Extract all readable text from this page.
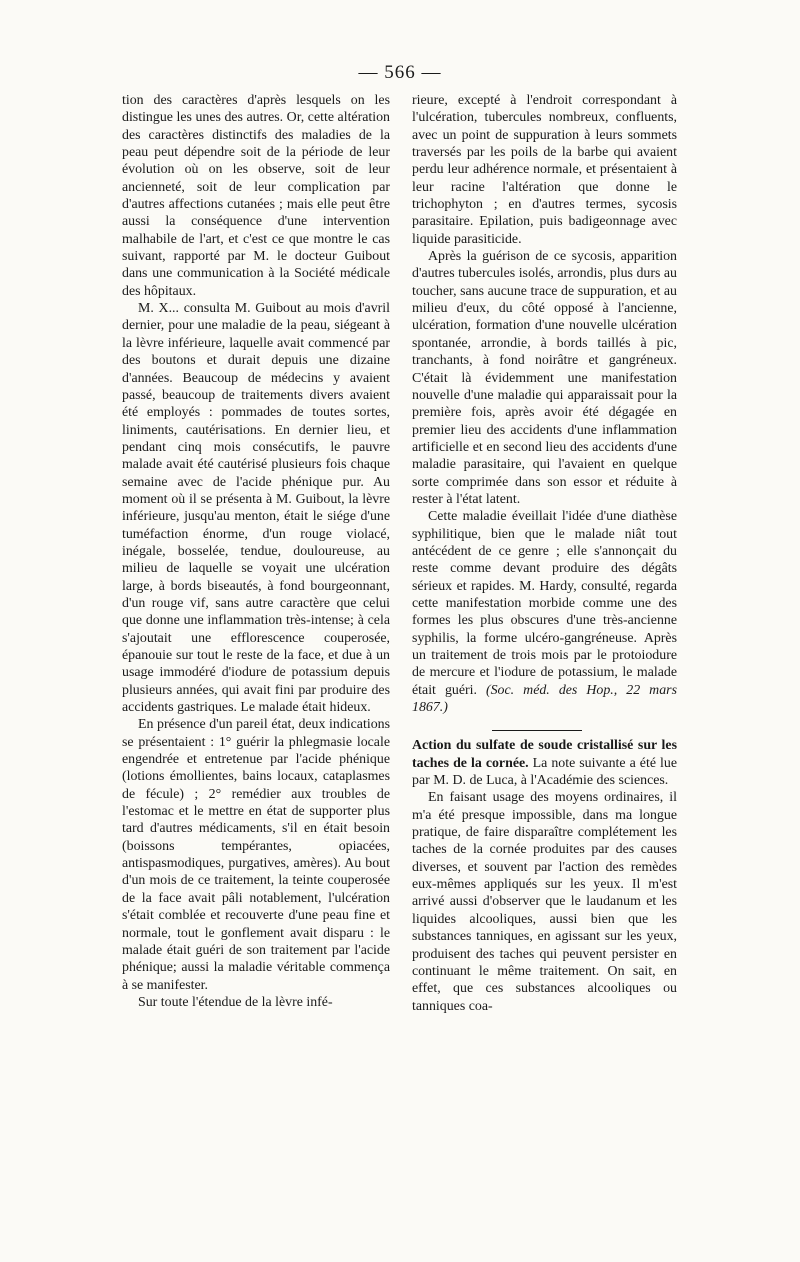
— 566 —

tion des caractères d'après lesquels on les distingue les unes des autres. Or, cette altération des caractères distinctifs des maladies de la peau peut dépendre soit de la période de leur évolution où on les observe, soit de leur ancienneté, soit de leur complication par d'autres affections cutanées ; mais elle peut être aussi la conséquence d'une intervention malhabile de l'art, et c'est ce que montre le cas suivant, rapporté par M. le docteur Guibout dans une communication à la Société médicale des hôpitaux.

M. X... consulta M. Guibout au mois d'avril dernier, pour une maladie de la peau, siégeant à la lèvre inférieure, laquelle avait commencé par des boutons et durait depuis une dizaine d'années. Beaucoup de médecins y avaient passé, beaucoup de traitements divers avaient été employés : pommades de toutes sortes, liniments, cautérisations. En dernier lieu, et pendant cinq mois consécutifs, le pauvre malade avait été cautérisé plusieurs fois chaque semaine avec de l'acide phénique pur. Au moment où il se présenta à M. Guibout, la lèvre inférieure, jusqu'au menton, était le siége d'une tuméfaction énorme, d'un rouge violacé, inégale, bosselée, tendue, douloureuse, au milieu de laquelle se voyait une ulcération large, à bords biseautés, à fond bourgeonnant, d'un rouge vif, sans autre caractère que celui que donne une inflammation très-intense; à cela s'ajoutait une efflorescence couperosée, épanouie sur tout le reste de la face, et due à un usage immodéré d'iodure de potassium depuis plusieurs années, qui avait fini par produire des accidents gastriques. Le malade était hideux.

En présence d'un pareil état, deux indications se présentaient : 1° guérir la phlegmasie locale engendrée et entretenue par l'acide phénique (lotions émollientes, bains locaux, cataplasmes de fécule) ; 2° remédier aux troubles de l'estomac et le mettre en état de supporter plus tard d'autres médicaments, s'il en était besoin (boissons tempérantes, opiacées, antispasmodiques, purgatives, amères). Au bout d'un mois de ce traitement, la teinte couperosée de la face avait pâli notablement, l'ulcération s'était comblée et recouverte d'une peau fine et normale, tout le gonflement avait disparu : le malade était guéri de son traitement par l'acide phénique; aussi la maladie véritable commença à se manifester.

Sur toute l'étendue de la lèvre infé-

rieure, excepté à l'endroit correspondant à l'ulcération, tubercules nombreux, confluents, avec un point de suppuration à leurs sommets traversés par les poils de la barbe qui avaient perdu leur adhérence normale, et présentaient à leur racine l'altération que donne le trichophyton ; en d'autres termes, sycosis parasitaire. Epilation, puis badigeonnage avec liquide parasiticide.

Après la guérison de ce sycosis, apparition d'autres tubercules isolés, arrondis, plus durs au toucher, sans aucune trace de suppuration, et au milieu d'eux, du côté opposé à l'ancienne, ulcération, formation d'une nouvelle ulcération spontanée, arrondie, à bords taillés à pic, tranchants, à fond noirâtre et gangréneux. C'était là évidemment une manifestation nouvelle d'une maladie qui apparaissait pour la première fois, après avoir été dégagée en premier lieu des accidents d'une inflammation artificielle et en second lieu des accidents d'une maladie parasitaire, qui l'avaient en quelque sorte comprimée dans son essor et réduite à rester à l'état latent.

Cette maladie éveillait l'idée d'une diathèse syphilitique, bien que le malade niât tout antécédent de ce genre ; elle s'annonçait du reste comme devant produire des dégâts sérieux et rapides. M. Hardy, consulté, regarda cette manifestation morbide comme une des formes les plus obscures d'une très-ancienne syphilis, la forme ulcéro-gangréneuse. Après un traitement de trois mois par le protoiodure de mercure et l'iodure de potassium, le malade était guéri. (Soc. méd. des Hop., 22 mars 1867.)

Action du sulfate de soude cristallisé sur les taches de la cornée. La note suivante a été lue par M. D. de Luca, à l'Académie des sciences.

En faisant usage des moyens ordinaires, il m'a été presque impossible, dans ma longue pratique, de faire disparaître complétement les taches de la cornée produites par des causes diverses, et souvent par l'action des remèdes eux-mêmes appliqués sur les yeux. Il m'est arrivé aussi d'observer que le laudanum et les liquides alcooliques, aussi bien que les substances tanniques, en agissant sur les yeux, produisent des taches qui peuvent persister en continuant le même traitement. On sait, en effet, que ces substances alcooliques ou tanniques coa-
